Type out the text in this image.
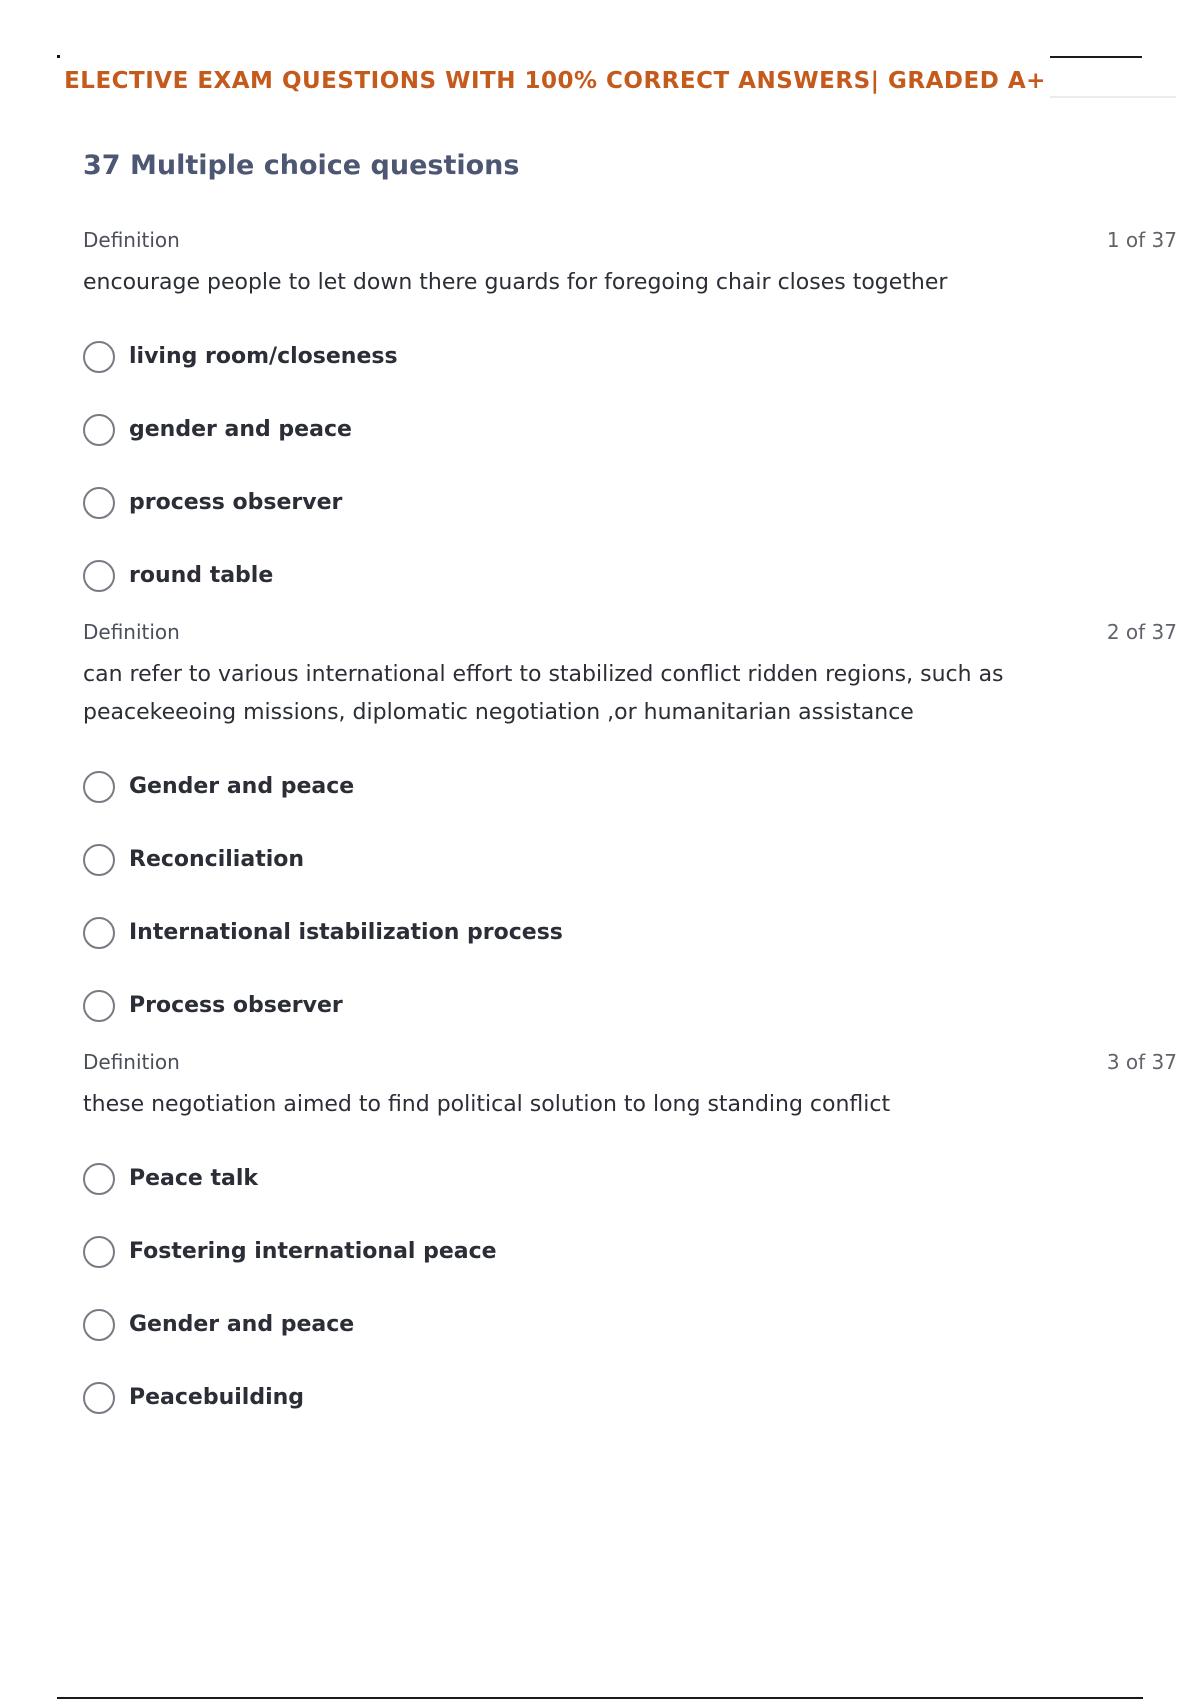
ELECTIVE EXAM QUESTIONS WITH 100% CORRECT ANSWERS| GRADED A+
37 Multiple choice questions
Definition	1 of 37
encourage people to let down there guards for foregoing chair closes together
living room/closeness
gender and peace
process observer
round table
Definition	2 of 37
can refer to various international effort to stabilized conflict ridden regions, such as peacekeeoing missions, diplomatic negotiation ,or humanitarian assistance
Gender and peace
Reconciliation
International istabilization process
Process observer
Definition	3 of 37
these negotiation aimed to find political solution to long standing conflict
Peace talk
Fostering international peace
Gender and peace
Peacebuilding
